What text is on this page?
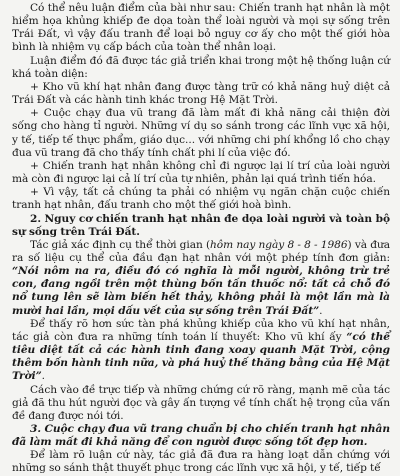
Có thể nêu luận điểm của bài như sau: Chiến tranh hạt nhân là một hiểm họa khủng khiếp đe dọa toàn thể loài người và mọi sự sống trên Trái Đất, vì vậy đấu tranh để loại bỏ nguy cơ ấy cho một thế giới hòa bình là nhiệm vụ cấp bách của toàn thể nhân loại.

Luận điểm đó đã được tác giả triển khai trong một hệ thống luận cứ khá toàn diện:

+ Kho vũ khí hạt nhân đang được tàng trữ có khả năng huỷ diệt cả Trái Đất và các hành tinh khác trong Hệ Mặt Trời.

+ Cuộc chạy đua vũ trang đã làm mất đi khả năng cải thiện đời sống cho hàng tỉ người. Những ví dụ so sánh trong các lĩnh vực xã hội, y tế, tiếp tế thực phẩm, giáo dục... với những chi phí khổng lồ cho chạy đua vũ trang đã cho thấy tính chất phi lí của việc đó.

+ Chiến tranh hạt nhân không chỉ đi ngược lại lí trí của loài người mà còn đi ngược lại cả lí trí của tự nhiên, phản lại quá trình tiến hóa.

+ Vì vậy, tất cả chúng ta phải có nhiệm vụ ngăn chặn cuộc chiến tranh hạt nhân, đấu tranh cho một thế giới hoà bình.

2. Nguy cơ chiến tranh hạt nhân đe dọa loài người và toàn bộ sự sống trên Trái Đất.

Tác giả xác định cụ thể thời gian (hôm nay ngày 8 - 8 - 1986) và đưa ra số liệu cụ thể của đầu đạn hạt nhân với một phép tính đơn giản: “Nói nôm na ra, điều đó có nghĩa là mỗi người, không trừ trẻ con, đang ngồi trên một thùng bốn tấn thuốc nổ: tất cả chỗ đó nổ tung lên sẽ làm biến hết thảy, không phải là một lần mà là mười hai lần, mọi dấu vết của sự sống trên Trái Đất”.

Để thấy rõ hơn sức tàn phá khủng khiếp của kho vũ khí hạt nhân, tác giả còn đưa ra những tính toán lí thuyết: Kho vũ khí ấy “có thể tiêu diệt tất cả các hành tinh đang xoay quanh Mặt Trời, cộng thêm bốn hành tinh nữa, và phá huỷ thế thăng bằng của Hệ Mặt Trời”.

Cách vào đề trực tiếp và những chứng cứ rõ ràng, mạnh mẽ của tác giả đã thu hút người đọc và gây ấn tượng về tính chất hệ trọng của vấn đề đang được nói tới.

3. Cuộc chạy đua vũ trang chuẩn bị cho chiến tranh hạt nhân đã làm mất đi khả năng để con người được sống tốt đẹp hơn.

Để làm rõ luận cứ này, tác giả đã đưa ra hàng loạt dẫn chứng với những so sánh thật thuyết phục trong các lĩnh vực xã hội, y tế, tiếp tế
